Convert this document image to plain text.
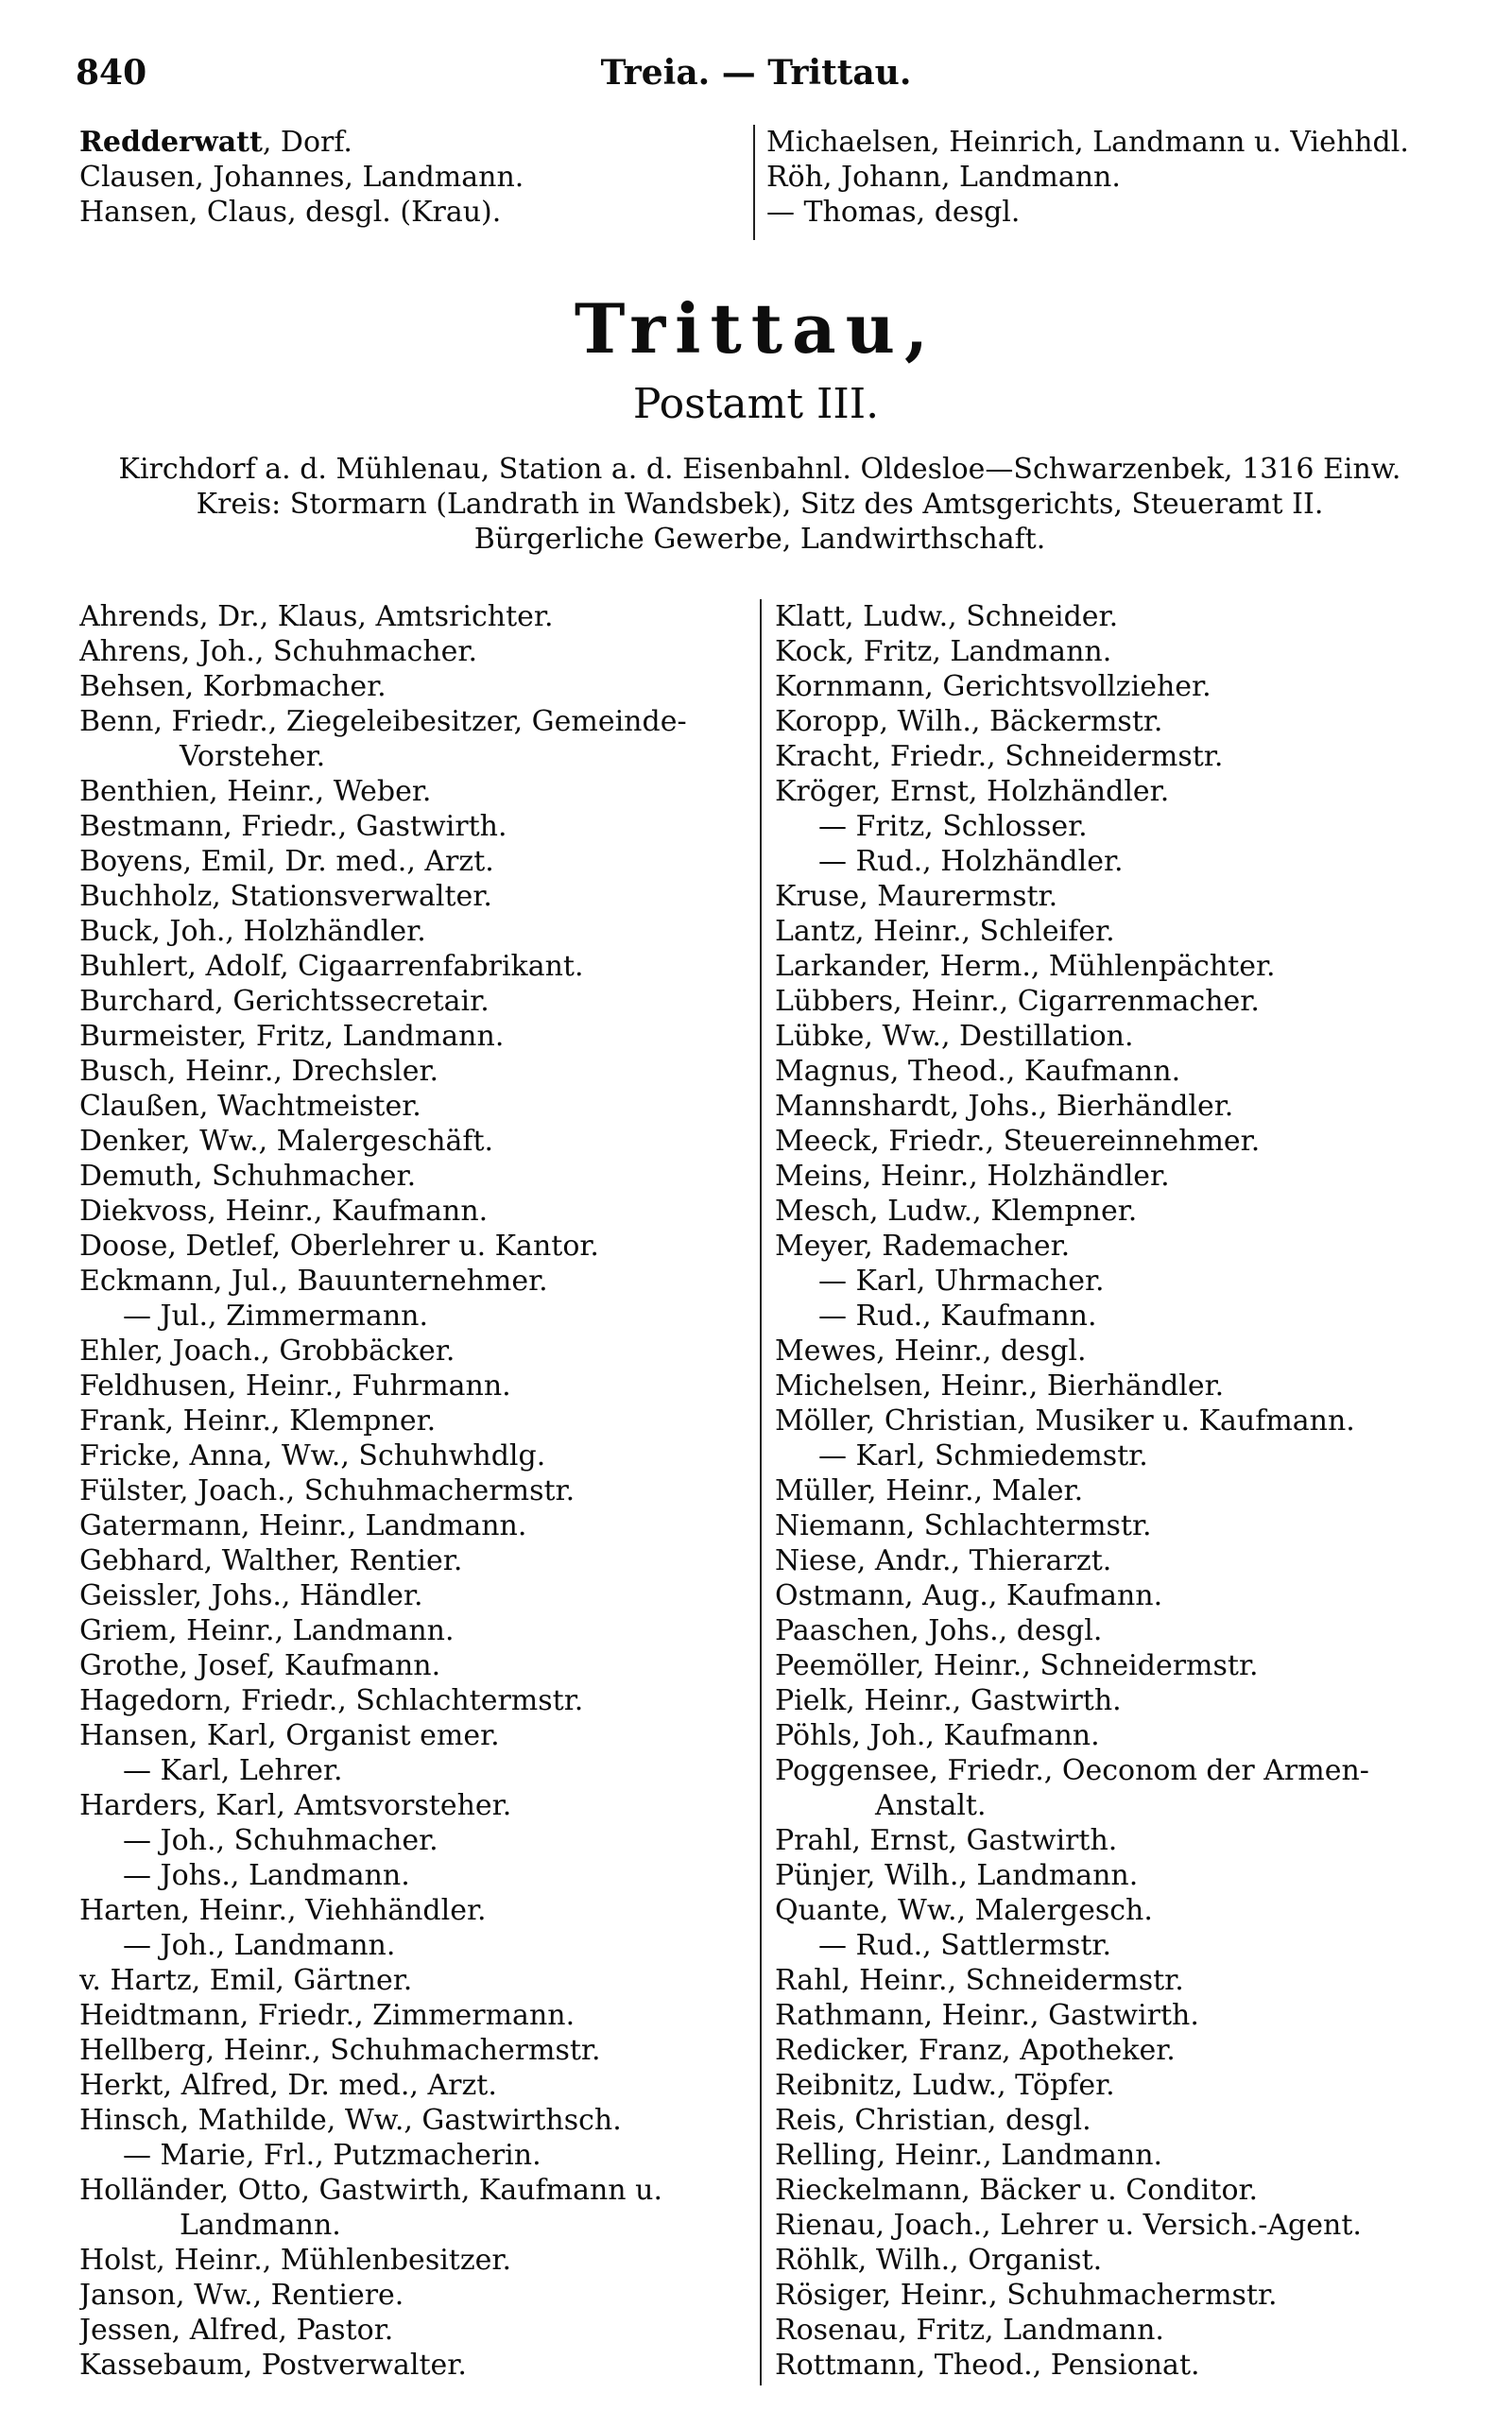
840	Treia. — Trittau.
Redderwatt, Dorf.
Clausen, Johannes, Landmann.
Hansen, Claus, desgl. (Krau).
Michaelsen, Heinrich, Landmann u. Viehhdl.
Röh, Johann, Landmann.
— Thomas, desgl.
Trittau,
Postamt III.
Kirchdorf a. d. Mühlenau, Station a. d. Eisenbahnl. Oldesloe—Schwarzenbek, 1316 Einw.
Kreis: Stormarn (Landrath in Wandsbek), Sitz des Amtsgerichts, Steueramt II.
Bürgerliche Gewerbe, Landwirthschaft.
Ahrends, Dr., Klaus, Amtsrichter.
Ahrens, Joh., Schuhmacher.
Behsen, Korbmacher.
Benn, Friedr., Ziegeleibesitzer, Gemeinde-
Vorsteher.
Benthien, Heinr., Weber.
Bestmann, Friedr., Gastwirth.
Boyens, Emil, Dr. med., Arzt.
Buchholz, Stationsverwalter.
Buck, Joh., Holzhändler.
Buhlert, Adolf, Cigaarrenfabrikant.
Burchard, Gerichtssecretair.
Burmeister, Fritz, Landmann.
Busch, Heinr., Drechsler.
Claußen, Wachtmeister.
Denker, Ww., Malergeschäft.
Demuth, Schuhmacher.
Diekvoss, Heinr., Kaufmann.
Doose, Detlef, Oberlehrer u. Kantor.
Eckmann, Jul., Bauunternehmer.
— Jul., Zimmermann.
Ehler, Joach., Grobbäcker.
Feldhusen, Heinr., Fuhrmann.
Frank, Heinr., Klempner.
Fricke, Anna, Ww., Schuhwhdlg.
Fülster, Joach., Schuhmachermstr.
Gatermann, Heinr., Landmann.
Gebhard, Walther, Rentier.
Geissler, Johs., Händler.
Griem, Heinr., Landmann.
Grothe, Josef, Kaufmann.
Hagedorn, Friedr., Schlachtermstr.
Hansen, Karl, Organist emer.
— Karl, Lehrer.
Harders, Karl, Amtsvorsteher.
— Joh., Schuhmacher.
— Johs., Landmann.
Harten, Heinr., Viehhändler.
— Joh., Landmann.
v. Hartz, Emil, Gärtner.
Heidtmann, Friedr., Zimmermann.
Hellberg, Heinr., Schuhmachermstr.
Herkt, Alfred, Dr. med., Arzt.
Hinsch, Mathilde, Ww., Gastwirthsch.
— Marie, Frl., Putzmacherin.
Holländer, Otto, Gastwirth, Kaufmann u.
Landmann.
Holst, Heinr., Mühlenbesitzer.
Janson, Ww., Rentiere.
Jessen, Alfred, Pastor.
Kassebaum, Postverwalter.
Klatt, Ludw., Schneider.
Kock, Fritz, Landmann.
Kornmann, Gerichtsvollzieher.
Koropp, Wilh., Bäckermstr.
Kracht, Friedr., Schneidermstr.
Kröger, Ernst, Holzhändler.
— Fritz, Schlosser.
— Rud., Holzhändler.
Kruse, Maurermstr.
Lantz, Heinr., Schleifer.
Larkander, Herm., Mühlenpächter.
Lübbers, Heinr., Cigarrenmacher.
Lübke, Ww., Destillation.
Magnus, Theod., Kaufmann.
Mannshardt, Johs., Bierhändler.
Meeck, Friedr., Steuereinnehmer.
Meins, Heinr., Holzhändler.
Mesch, Ludw., Klempner.
Meyer, Rademacher.
— Karl, Uhrmacher.
— Rud., Kaufmann.
Mewes, Heinr., desgl.
Michelsen, Heinr., Bierhändler.
Möller, Christian, Musiker u. Kaufmann.
— Karl, Schmiedemstr.
Müller, Heinr., Maler.
Niemann, Schlachtermstr.
Niese, Andr., Thierarzt.
Ostmann, Aug., Kaufmann.
Paaschen, Johs., desgl.
Peemöller, Heinr., Schneidermstr.
Pielk, Heinr., Gastwirth.
Pöhls, Joh., Kaufmann.
Poggensee, Friedr., Oeconom der Armen-
Anstalt.
Prahl, Ernst, Gastwirth.
Pünjer, Wilh., Landmann.
Quante, Ww., Malergesch.
— Rud., Sattlermstr.
Rahl, Heinr., Schneidermstr.
Rathmann, Heinr., Gastwirth.
Redicker, Franz, Apotheker.
Reibnitz, Ludw., Töpfer.
Reis, Christian, desgl.
Relling, Heinr., Landmann.
Rieckelmann, Bäcker u. Conditor.
Rienau, Joach., Lehrer u. Versich.-Agent.
Röhlk, Wilh., Organist.
Rösiger, Heinr., Schuhmachermstr.
Rosenau, Fritz, Landmann.
Rottmann, Theod., Pensionat.
